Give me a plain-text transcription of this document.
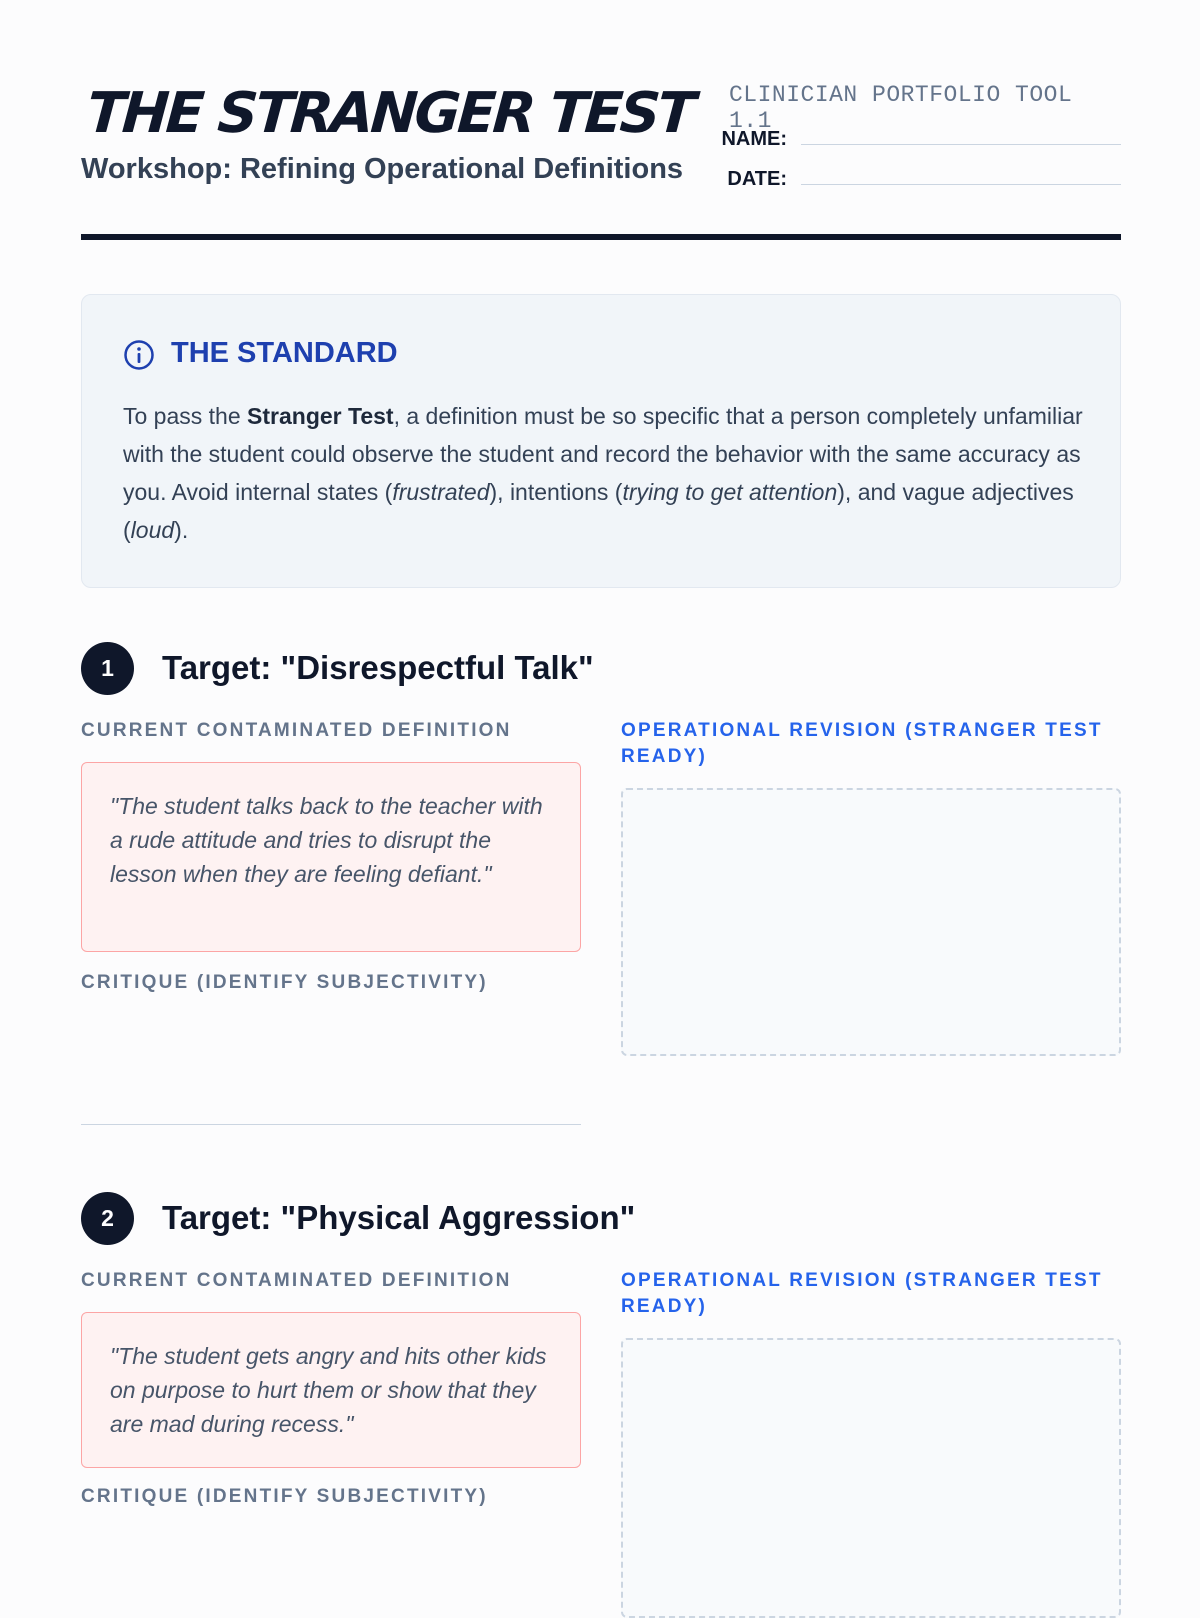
THE STRANGER TEST
Workshop: Refining Operational Definitions
CLINICIAN PORTFOLIO TOOL 1.1
NAME:
DATE:
THE STANDARD

To pass the Stranger Test, a definition must be so specific that a person completely unfamiliar with the student could observe the student and record the behavior with the same accuracy as you. Avoid internal states (frustrated), intentions (trying to get attention), and vague adjectives (loud).

1	Target: "Disrespectful Talk"
CURRENT CONTAMINATED DEFINITION	OPERATIONAL REVISION (STRANGER TEST READY)
"The student talks back to the teacher with a rude attitude and tries to disrupt the lesson when they are feeling defiant."
CRITIQUE (IDENTIFY SUBJECTIVITY)
2	Target: "Physical Aggression"
CURRENT CONTAMINATED DEFINITION	OPERATIONAL REVISION (STRANGER TEST READY)
"The student gets angry and hits other kids on purpose to hurt them or show that they are mad during recess."
CRITIQUE (IDENTIFY SUBJECTIVITY)
